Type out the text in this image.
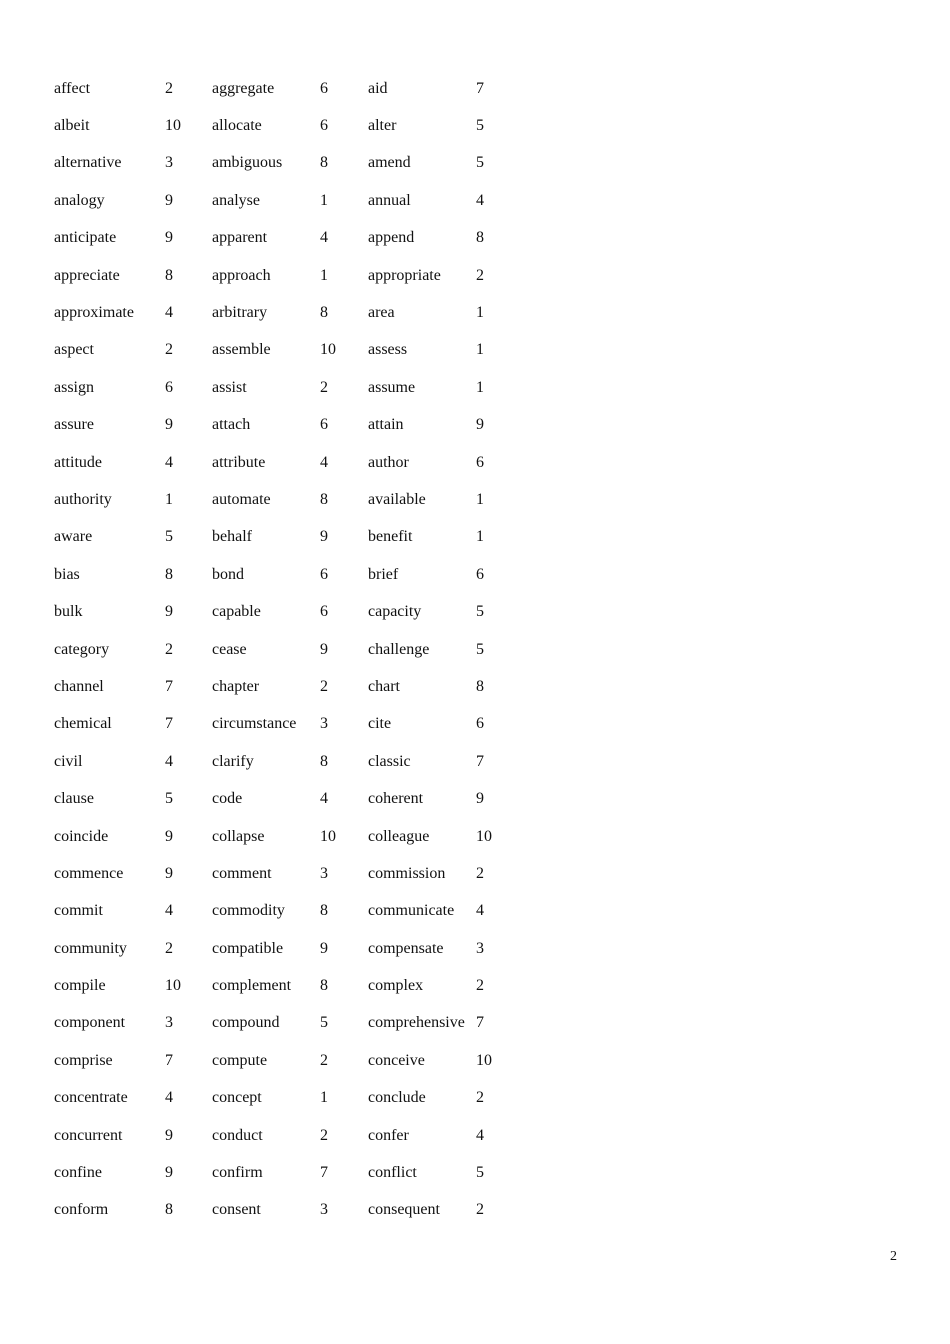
affect	2 aggregate	6	aid	7
albeit	10 allocate	6	alter	5
alternative	3 ambiguous 8	amend	5
analogy	9 analyse	1	annual	4
anticipate	9 apparent	4	append	8
appreciate	8 approach	1	appropriate 2
approximate 4 arbitrary	8	area	1
aspect	2 assemble	10 assess	1
assign	6 assist	2	assume	1
assure	9 attach	6	attain	9
attitude	4 attribute	4	author	6
authority	1 automate	8	available	1
aware	5 behalf	9	benefit	1
bias	8 bond	6	brief	6
bulk	9 capable	6	capacity	5
category	2 cease	9	challenge	5
channel	7 chapter	2	chart	8
chemical	7 circumstance 3	cite	6
civil	4 clarify	8	classic	7
clause	5 code	4	coherent	9
coincide	9 collapse	10 colleague	10
commence	9 comment	3	commission 2
commit	4 commodity 8	communicate 4
community 2 compatible 9	compensate 3
compile	10 complement 8	complex	2
component 3 compound	5	comprehensive 7
comprise	7 compute	2	conceive	10
concentrate 4 concept	1	conclude	2
concurrent	9 conduct	2	confer	4
confine	9 confirm	7	conflict	5
conform	8 consent	3	consequent 2
2
